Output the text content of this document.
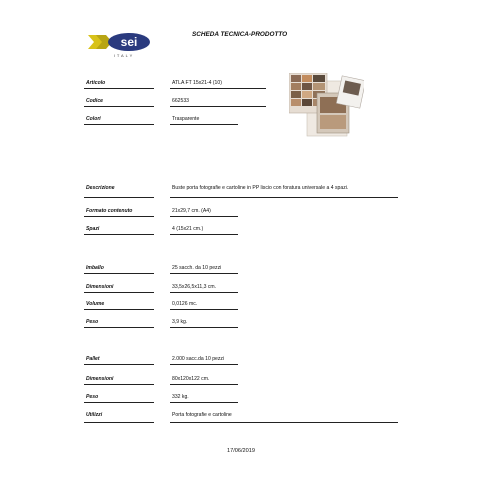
sei
ITALY
SCHEDA TECNICA-PRODOTTO
Articolo	ATLA FT 15x21-4 (10)
Codice	662533
Colori	Trasparente
Descrizione	Buste porta fotografie e cartoline in PP liscio con foratura universale a 4 spazi.
Formato contenuto	21x29,7 cm. (A4)
Spazi	4 (15x21 cm.)
Imballo	25 sacch. da 10 pezzi
Dimensioni	33,5x26,5x11,3 cm.
Volume	0,0126 mc.
Peso	3,9 kg.
Pallet	2.000 sacc.da 10 pezzi
Dimensioni	80x120x122 cm.
Peso	332 kg.
Utilizzi	Porta fotografie e cartoline
17/06/2019
